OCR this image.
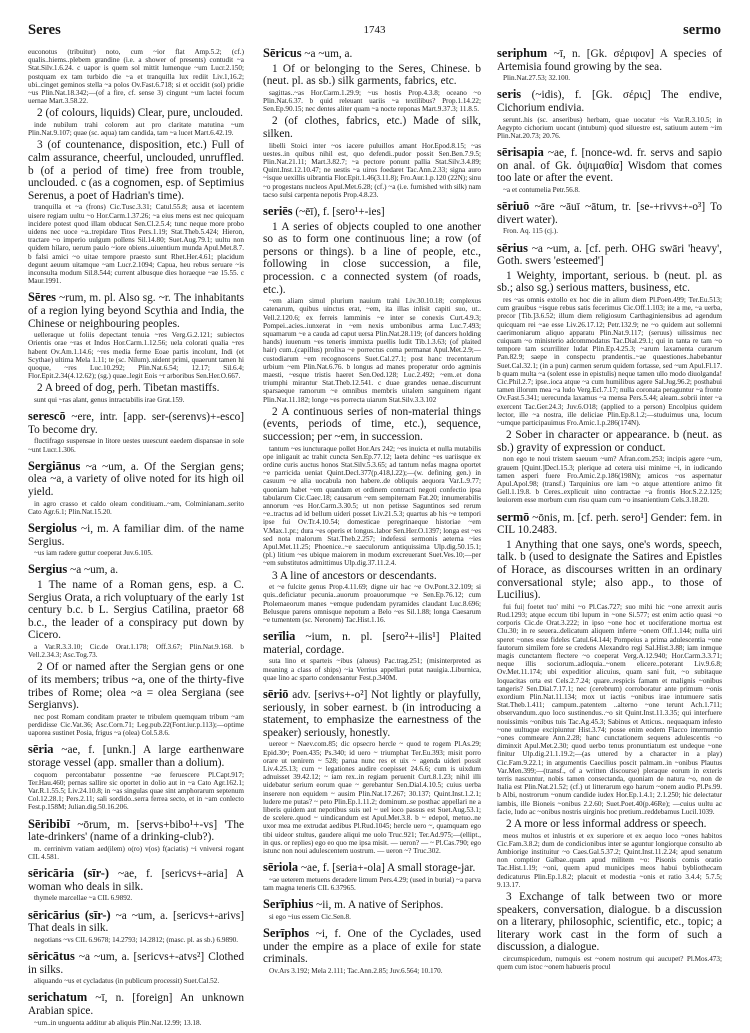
Seres	1743	sermo
euconotus (tribuitur) noto, cum ~ior flat Amp.5.2; (cf.) qualis..hiems..plebem grandine (i.e. a shower of presents) contudit ~a Stat.Silv.1.6.24. c uapor is quem sol mittit lumenque ~um Lucr.2.150; postquam ex tam turbido die ~a et tranquilla lux rediit Liv.1,16.2; ubi..cinget geminos stella ~a polos Ov.Fast.6.718; si et occidit (sol) pridie ~us Plin.Nat.18.342;—(of a fire, cf. sense 3) cingunt ~um lactei focum uernae Mart.3.58.22.
2 (of colours, liquids) Clear, pure, unclouded.
inde nubilum trahi colorem aut pro claritate matutina ~um Plin.Nat.9.107; quae (sc. aqua) tam candida, tam ~a lucet Mart.6.42.19.
3 (of countenance, disposition, etc.) Full of calm assurance, cheerful, unclouded, unruffled. b (of a period of time) free from trouble, unclouded. c (as a cognomen, esp. of Septimius Serenus, a poet of Hadrian's time).
tranquilla et ~a (frons) Cic.Tusc.3.31; Catul.55.8; ausa et iacentem uisere regiam uultu ~o Hor.Carm.1.37.26; ~a eius mens est nec quicquam incidere potest quod illam obducat Sen.Cl.2.5.4; tunc neque more probo uidens nec uoce ~a..trepidare Titos Pers.1.19; Stat.Theb.5.424; Hieron, tractare ~o imperio uulgum pollens Sil.14.80; Suet.Aug.79.1; uultu non quidem hilaro, uerum paulo ~iore obiens..uiuentium munda Apul.Met.8.7. b falsi amici ~o uitae tempore praesto sunt Rhet.Her.4.61; placidum degunt aeuum uitamque ~am Lucr.2.1094; Capua, heu rebus seruare ~is inconsulta modum Sil.8.544; current albusque dies horaeque ~ae 15.55. c Maur.1991.
Sēres ~rum, m. pl. Also sg. ~r. The inhabitants of a region lying beyond Scythia and India, the Chinese or neighbouring peoples.
uelleraque ut foliis depectant tenuia ~res Verg.G.2.121; subiectos Orientis orae ~ras et Indos Hor.Carm.1.12.56; uela colorati qualia ~res habent Ov.Am.1.14.6; ~res media ferme Eoae partis incolunt, Indi (et Scythae) ultima Mela 1.11; te (sc. Nilum)..uident primi, quaerunt tamen hi quoque, ~res Luc.10.292; Plin.Nat.6.54; 12.17; Sil.6.4; Flor.Epit.2.34(4.12.62); (sg.) quae..legit Eois ~r arboribus Sen.Her.O.667.
2 A breed of dog, perh. Tibetan mastiffs.
sunt qui ~ras alant, genus intractabilis irae Grat.159.
serescō ~ere, intr. [app. ser-(serenvs)+-esco] To become dry.
fluctifrago suspensae in litore uestes uuescunt eaedem dispansae in sole ~unt Lucr.1.306.
Sergiānus ~a ~um, a. Of the Sergian gens; olea ~a, a variety of olive noted for its high oil yield.
in agro crasso et caldo oleam conditiuam..~am, Colminianam..serito Cato Agr.6.1; Plin.Nat.15.20.
Sergiolus ~i, m. A familiar dim. of the name Sergius.
~us iam radere guttur coeperat Juv.6.105.
Sergius ~a ~um, a.
1 The name of a Roman gens, esp. a C. Sergius Orata, a rich voluptuary of the early 1st century b.c. b L. Sergius Catilina, praetor 68 b.c., the leader of a conspiracy put down by Cicero.
a Var.R.3.3.10; Cic.de Orat.1.178; Off.3.67; Plin.Nat.9.168. b Vell.2.34.3; Asc.Tog.73.
2 Of or named after the Sergian gens or one of its members; tribus ~a, one of the thirty-five tribes of Rome; olea ~a = olea Sergiana (see Sergianvs).
nec post Romam conditam praeter te tribulem quemquam tribum ~am perdidisse Cic.Vat.36; Asc.Corn.71; Leg.pub.22(Font.iur.p.113);—optime uaporea sustinet Posia, frigus ~a (olea) Col.5.8.6.
sēria ~ae, f. [unkn.] A large earthenware storage vessel (app. smaller than a dolium).
coquom percontabatur possentne ~ae feruescere Pl.Capt.917; Ter.Hau.460; pernas sallire sic oportet in dolio aut in ~a Cato Agr.162.1; Var.R.1.55.5; Liv.24.10.8; in ~as singulas quae sint amphorarum septenum Col.12.28.1; Pers.2.11; sali sordido..serra ferrea secto, et in ~am conlecto Fest.p.158M; Julian.dig.50.16.206.
Sēribibī ~ōrum, m. [servs+bibo¹+-vs] 'The late-drinkers' (name of a drinking-club?).
m. cerrinivm vatiam aed(ilem) o(ro) v(os) f(aciatis) ~i vniversi rogant CIL 4.581.
sēricāria (sīr-) ~ae, f. [sericvs+-aria] A woman who deals in silk.
thymele marcellae ~a CIL 6.9892.
sēricārius (sīr-) ~a ~um, a. [sericvs+-arivs] That deals in silk.
negotians ~vs CIL 6.9678; 14.2793; 14.2812; (masc. pl. as sb.) 6.9890.
sēricātus ~a ~um, a. [sericvs+-atvs²] Clothed in silks.
aliquando ~us et cycladatus (in publicum processit) Suet.Cal.52.
serichatum ~ī, n. [foreign] An unknown Arabian spice.
~um..in unguenta additur ab aliquis Plin.Nat.12.99; 13.18.
Sēricus ~a ~um, a.
1 Of or belonging to the Seres, Chinese. b (neut. pl. as sb.) silk garments, fabrics, etc.
sagittas..~as Hor.Carm.1.29.9; ~us hostis Prop.4.3.8; oceano ~o Plin.Nat.6.37. b quid releuant uariis ~a textilibus? Prop.1.14.22; Sen.Ep.90.15; nec dentes aliter quam ~a nocte reponas Mart.9.37.3; 11.8.5.
2 (of clothes, fabrics, etc.) Made of silk, silken.
libelli Stoici inter ~os iacere puluillos amant Hor.Epod.8.15; ~as uestes..in quibus nihil est, quo defendi..pudor possit Sen.Ben.7.9.5; Plin.Nat.21.11; Mart.3.82.7; ~a pectore ponunt pallia Stat.Silv.3.4.89; Quint.Inst.12.10.47; ne uestis ~a uiros foedaret Tac.Ann.2.33; signa auro ~isque uexillis uibrantia Flor.Epit.1.46(3.11.8); Fro.Aur.1.p.120 (22N); sinu ~o progestans nucleos Apul.Met.6.28; (cf.) ~a (i.e. furnished with silk) nam tacso sulsi carpenta nepotis Prop.4.8.23.
seriēs (~ēī), f. [sero¹+-ies]
1 A series of objects coupled to one another so as to form one continuous line; a row (of persons or things). b a line of people, etc., following in close succession, a file, procession. c a connected system (of roads, etc.).
~em aliam simul plurium nauium trahi Liv.30.10.18; complexus catenarum, quibus uinctus erat, ~em, ita illas inlisit capiti suo, ut.. Vell.2.120.6; ex ferreis lamminis ~e inter se conexis Curt.4.9.3; Pompei..acies..iunxerat in ~em nexis umbonibus arma Luc.7.493; squamarum ~e a cauda ad caput uersa Plin.Nat.28.119; (of dancers holding hands) iuuenum ~es teneris immixta puellis ludit Tib.1.3.63; (of plaited hair) cum..(capillus) prolixa ~e porrectus coma permanat Apul.Met.2.9;—custodiarum ~em recognoscens Suet.Cal.27.1; post hanc trecentarum urbium ~em Plin.Nat.6.76. b longus ad manes properatur ordo agminis maesti, ~esque tristis haeret Sen.Oed.128; Luc.2.492; ~em..et dona triumphi mirantur Stat.Theb.12.541. c duae grandes uenae..discurrunt sparsaeque ramorum ~e omnibus membris uitalem sanguinem rigant Plin.Nat.11.182; longe ~es porrecta uiarum Stat.Silv.3.3.102
2 A continuous series of non-material things (events, periods of time, etc.), sequence, succession; per ~em, in succession.
tantum ~es iuncturaque pollet Hor.Ars 242; ~es inuicta et nulla mutabilis ope inligauit ac trahit cuncta Sen.Ep.77.12; laeta dehinc ~es uariisque ex ordine curis auctus honos Stat.Silv.5.3.65; ad tantum nefas magna oportet ~e parricida ueniat Quint.Decl.377(p.418,l.22);—(w. defining gen.) in casuum ~e alia uocabula non habere..de obliquis aequora Var.L.9.77; quoniam habet ~em quandam et ordinem contracti negoti confectio ipsa tabularum Cic.Caec.18; causarum ~em sempiternam Fat.20; innumerabilis annorum ~es Hor.Carm.3.30.5; ut non petisse Saguntinos sed rerum ~e..tractus ad id bellum uideri posset Liv.21.5.3; quartus ab his ~e tempori ipse fui Ov.Tr.4.10.54; domesticae peregrinaeque historiae ~em V.Max.1.pr.; dura ~es operis et longus..labor Sen.Her.O.1397; longa est ~es sed nota malorum Stat.Theb.2.257; indefessi sermonis aeterna ~ies Apul.Met.11.25; Phoenice..~e saeculorum antiquissima Ulp.dig.50.15.1; (pl.) litium ~es ubique maiorem in modum excreuerant Suet.Ves.10;—per ~em substitutos admittimus Ulp.dig.37.11.2.4.
3 A line of ancestors or descendants.
et ~e fulcite genus Prop.4.11.69; digne uir hac ~e Ov.Pont.3.2.109; si quis..deficiatur pecunia..auorum proauorumque ~e Sen.Ep.76.12; cum Ptolemaeorum manes ~emque pudendam pyramides claudant Luc.8.696; Belusque parens omnisque nepotum a Belo ~es Sil.1.88; longa Caesarum ~e tumentem (sc. Neronem) Tac.Hist.1.16.
serīlia ~ium, n. pl. [sero²+-ilis¹] Plaited material, cordage.
suta lino et sparteis ~ibus (alueus) Pac.trag.251; (misinterpreted as meaning a class of ships) ~ia Verrius appellari putat nauigia..Liburnica, quae lino ac sparto condensantur Fest.p.340M.
sēriō adv. [serivs+-o²] Not lightly or playfully, seriously, in sober earnest. b (in introducing a statement, to emphasize the earnestness of the speaker) seriously, honestly.
uereor ~ Naev.com.85; dic opsecro hercle ~ quod te rogem Pl.As.29; Epid.30ᵃ; Poen.435; Ps.340; id uero ~ triumphat Ter.Eu.393; misit porro orare ut uenirem ~ 528; parua nunc res et uix ~ agenda uideri possit Liv.4.25.13; cum ~ legationes audire coepisset 24.6.6; cum is uixdum adnuisset 39.42.12; ~ iam rex..in regiam peruenit Curt.8.1.23; nihil illi uidebatur serium eorum quae ~ gerebantur Sen.Dial.4.10.5; cuius uerba inserere non equidem ~ ausim Plin.Nat.17.267; 30.137; Quint.Inst.1.2.1; ludere me putas? ~ peto Plin.Ep.1.11.2; dominum..se posthac appellari ne a liberis quidem aut nepotibus suis uel ~ uel ioco passus est Suet.Aug.53.1; de scelere..quod ~ uindicandum est Apul.Met.3.8. b ~ edepol, metuo..ne uxor mea me extrudat aedibus Pl.Rud.1045; hercle uero ~, quamquam ego tibi uideor stultus, gaudere aliqui me uolo Truc.921; Ter.Ad.975;—(ellipt., in qus. or replies) ego eo quo me ipsa misit. — ueron? — ~ Pl.Cas.790; ego istunc non noui adulescentem uostrum. — ueron ~? Truc.302.
sēriola ~ae, f. [seria+-ola] A small storage-jar.
~ae ueterem metuens deradere limum Pers.4.29; (used in burial) ~a parva tam magna teneris CIL 6.37965.
Serīphius ~ii, m. A native of Seriphos.
si ego ~ius essem Cic.Sen.8.
Serīphos ~i, f. One of the Cyclades, used under the empire as a place of exile for state criminals.
Ov.Ars 3.192; Mela 2.111; Tac.Ann.2.85; Juv.6.564; 10.170.
seriphum ~ī, n. [Gk. σέριφον] A species of Artemisia found growing by the sea.
Plin.Nat.27.53; 32.100.
seris (~idis), f. [Gk. σέρις] The endive, Cichorium endivia.
serunt..his (sc. anseribus) herbam, quae uocatur ~is Var.R.3.10.5; in Aegypto cichorium uocant (intubum) quod siluestre est, satiuum autem ~im Plin.Nat.20.73; 20.76.
sērisapia ~ae, f. [nonce-wd. fr. servs and sapio on anal. of Gk. ὀψιμαθία] Wisdom that comes too late or after the event.
~a et contumelia Petr.56.8.
sēriuō ~āre ~āuī ~ātum, tr. [se-+rivvs+-o³] To divert water).
Fron. Aq. 115 (cj.).
sērius ~a ~um, a. [cf. perh. OHG swāri 'heavy', Goth. swers 'esteemed']
1 Weighty, important, serious. b (neut. pl. as sb.; also sg.) serious matters, business, etc.
res ~as omnis extollo ex hoc die in alium diem Pl.Poen.499; Ter.Eu.513; cum grauibus ~isque rebus satis fecerimus Cic.Off.1.103; ite a me, ~a uerba, precor [Tib.]3.6.52; illum diem religiosum Carthaginiensibus ad agendum quicquam rei ~ae esse Liv.26.17.12; Petr.132.9; ne ~o quidem aut sollemni caerimoniarum aliquo apparatu Plin.Nat.9.117; (seruus) uilissimus nec cuiquam ~o ministerio adcommodatus Tac.Dial.29.1; qui in tanta re tam ~o tempore tam scurriliter ludat Plin.Ep.4.25.3; ~arum laxamenta curarum Pan.82.9; saepe in conspectu prandentis..~ae quaestiones..habebantur Suet.Cal.32.1; (in a pun) carmen serum quidem fortasse, sed ~um Apul.Fl.17. b quam multa ~a (solent esse in epistulis) neque tamen ullo modo diuolganda! Cic.Phil.2.7; ipse..ioca atque ~a cum humilibus agere Sal.Jug.96.2; posthabui tamen illorum mea ~a ludo Verg.Ecl.7.17; nulla coronata peraguntur ~a fronte Ov.Fast.5.341; uerecunda laxamus ~a mensa Pers.5.44; aleam..sobrii inter ~a exercent Tac.Ger.24.3; Juv.6.O18; (applied to a person) Encolpius quidem lector, ille ~a nostra, ille deliciae Plin.Ep.8.1.2;—studuimus una, locum ~umque participauimus Fro.Amic.1.p.286(174N).
2 Sober in character or appearance. b (neut. as sb.) gravity of expression or conduct.
non ego te noui tristem saeuum ~um? Afran.com.253; incipis agere ~um, grauem [Quint.]Decl.15.3; plerique ad cetera uisi minime ~i, in iudicando tamen asperi fuere Fro.Amic.2.p.186(198N); amicos ~os aspernatur Apul.Apol.98; (transf.) Tarquinius ore iam ~o atque attentiore animo fit Gell.1.19.8. b Ceres..explicuit uino contractae ~a frontis Hor.S.2.2.125; leuiorem esse morbum cum risu quam cum ~o insanientium Cels.3.18.20.
sermō ~ōnis, m. [cf. perh. sero¹] Gender: fem. in CIL 10.2483.
1 Anything that one says, one's words, speech, talk. b (used to designate the Satires and Epistles of Horace, as discourses written in an ordinary conversational style; also app., to those of Lucilius).
fui fui| foetet tuo' mihi ~o Pl.Cas.727; suo mihi hic ~one arrexit auris Rud.1293; atque eccum tibi lupum in ~one Si.577; est enim actio quasi ~o corporis Cic.de Orat.3.222; in ipso ~one hoc et uociferatione mortua est Clu.30; in re seuera..delicatum aliquem inferre ~onem Off.1.144; nulla uiri speret ~ones esse fideles Catul.64.144; Pompeius a prima adulescentia ~one fautorum similem fore se credens Alexandro regi Sal.Hist.3.88; iam inmque magis cunctantem flectere ~o coeperat Verg.A.12.940; Hor.Carm.3.3.71; neque illis sociorum..adloquia..~onem elicere..poterant Liv.9.6.8; Ov.Met.11.174; ubi expeditior alicuius, quam sani fuit, ~o subitaque loquacitas orta est Cels.2.7.24; quare..respicis famam et malignis ~onibus tangeris? Sen.Dial.7.17.1; nec (cerebrum) corroboratur ante primum ~onis exordium Plin.Nat.11.134; mox ut iactis ~onibus irae intumuere satis Stat.Theb.1.411; campum..patentem ..alterno ~one terunt Ach.1.711; observandum..quo loco sustinendus..~o sit Quint.Inst.11.3.35; qui interfuere nouissimis ~onibus tuis Tac.Ag.45.3; Sabinus et Atticus.. nequaquam infesto ~one uultuque excipiuntur Hist.3.74; posse enim eodem Flacco internuntio ~ones commeare Ann.2.28; hanc cunctationem sequens adulescentis ~o diminxit Apul.Met.2.30; quod uerbo tenus pronuntiatum est undeque ~one finitur Ulp.dig.21.1.19.2;—(as uttered by a character in a play) Cic.Fam.9.22.1; in argumentis Caecilius poscit palmam..in ~onibus Plautus Var.Men.399;—(transf., of a written discourse) pleraque eorum in exteris terris nascuntur, nobis tamen consectanda, quoniam de natura ~o, non de Italia est Plin.Nat.21.52; (cf.) ut litterarum ego harum ~onem audio Pl.Ps.99. b Albi, nostrorum ~onum candide iudex Hor.Ep.1.4.1; 2.1.250; hic delectatur iambis, ille Bioneis ~onibus 2.2.60; Suet.Poet.40(p.46Re); —cuius uultu ac facie, ludo ac ~onibus nostris uirginis hoc pretium..reddebamus Lucil.1039.
2 A more or less informal address or speech.
meos multos et inlustris et ex superiore et ex aequo loco ~ones habitos Cic.Fam.3.8.2; dum de condicionibus inter se aguntur longiorque consulto ab Ambiorige instituitur ~o Caes.Gal.5.37.2; Quint.Inst.11.2.24; apud senatum non comptior Galbae..quam apud militem ~o: Pisonis comis oratio Tac.Hist.1.19; ~oni, quem apud municipes meos habui bybliothecam dedicaturus Plin.Ep.1.8.2; placuit et modestia ~onis et ratio 3.4.4; 5.7.5; 9.13.17.
3 Exchange of talk between two or more speakers, conversation, dialogue. b a discussion on a literary, philosophic, scientific, etc., topic; a literary work cast in the form of such a discussion, a dialogue.
circumspicedum, numquis est ~onem nostrum qui aucupet? Pl.Mos.473; quem cum istoc ~onem habueris procul
